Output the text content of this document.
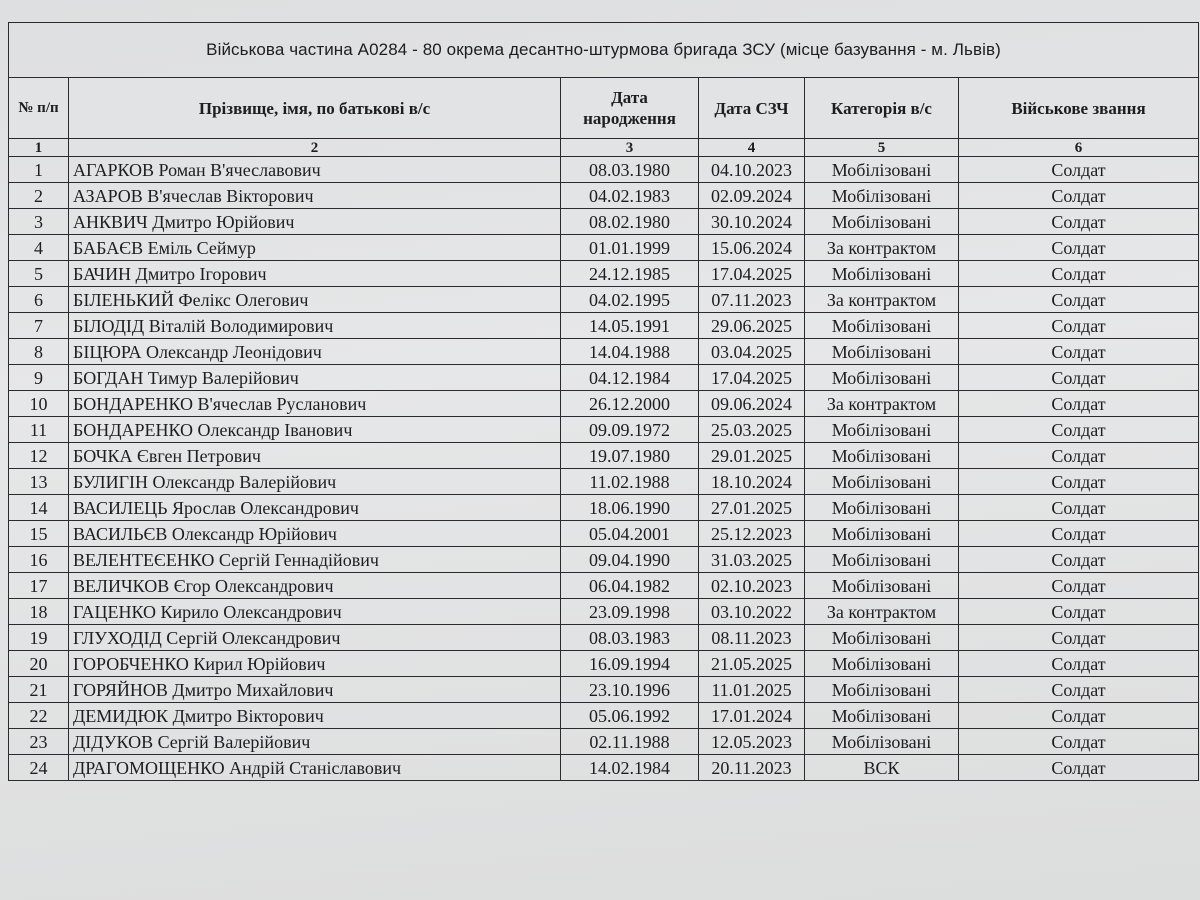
Військова частина А0284 - 80 окрема десантно-штурмова бригада ЗСУ (місце базування - м. Львів)					
№ п/п	Прізвище, імя, по батькові в/с	Дата народження	Дата СЗЧ	Категорія в/с	Військове звання
1	2	3	4	5	6
1	АГАРКОВ Роман В'ячеславович	08.03.1980	04.10.2023	Мобілізовані	Солдат
2	АЗАРОВ В'ячеслав Вікторович	04.02.1983	02.09.2024	Мобілізовані	Солдат
3	АНКВИЧ Дмитро Юрійович	08.02.1980	30.10.2024	Мобілізовані	Солдат
4	БАБАЄВ Еміль Сеймур	01.01.1999	15.06.2024	За контрактом	Солдат
5	БАЧИН Дмитро Ігорович	24.12.1985	17.04.2025	Мобілізовані	Солдат
6	БІЛЕНЬКИЙ Фелікс Олегович	04.02.1995	07.11.2023	За контрактом	Солдат
7	БІЛОДІД Віталій Володимирович	14.05.1991	29.06.2025	Мобілізовані	Солдат
8	БІЦЮРА Олександр Леонідович	14.04.1988	03.04.2025	Мобілізовані	Солдат
9	БОГДАН Тимур Валерійович	04.12.1984	17.04.2025	Мобілізовані	Солдат
10	БОНДАРЕНКО В'ячеслав Русланович	26.12.2000	09.06.2024	За контрактом	Солдат
11	БОНДАРЕНКО Олександр Іванович	09.09.1972	25.03.2025	Мобілізовані	Солдат
12	БОЧКА Євген Петрович	19.07.1980	29.01.2025	Мобілізовані	Солдат
13	БУЛИГІН Олександр Валерійович	11.02.1988	18.10.2024	Мобілізовані	Солдат
14	ВАСИЛЕЦЬ Ярослав Олександрович	18.06.1990	27.01.2025	Мобілізовані	Солдат
15	ВАСИЛЬЄВ Олександр Юрійович	05.04.2001	25.12.2023	Мобілізовані	Солдат
16	ВЕЛЕНТЕЄЕНКО Сергій Геннадійович	09.04.1990	31.03.2025	Мобілізовані	Солдат
17	ВЕЛИЧКОВ Єгор Олександрович	06.04.1982	02.10.2023	Мобілізовані	Солдат
18	ГАЦЕНКО Кирило Олександрович	23.09.1998	03.10.2022	За контрактом	Солдат
19	ГЛУХОДІД Сергій Олександрович	08.03.1983	08.11.2023	Мобілізовані	Солдат
20	ГОРОБЧЕНКО Кирил Юрійович	16.09.1994	21.05.2025	Мобілізовані	Солдат
21	ГОРЯЙНОВ Дмитро Михайлович	23.10.1996	11.01.2025	Мобілізовані	Солдат
22	ДЕМИДЮК Дмитро Вікторович	05.06.1992	17.01.2024	Мобілізовані	Солдат
23	ДІДУКОВ Сергій Валерійович	02.11.1988	12.05.2023	Мобілізовані	Солдат
24	ДРАГОМОЩЕНКО Андрій Станіславович	14.02.1984	20.11.2023	ВСК	Солдат
